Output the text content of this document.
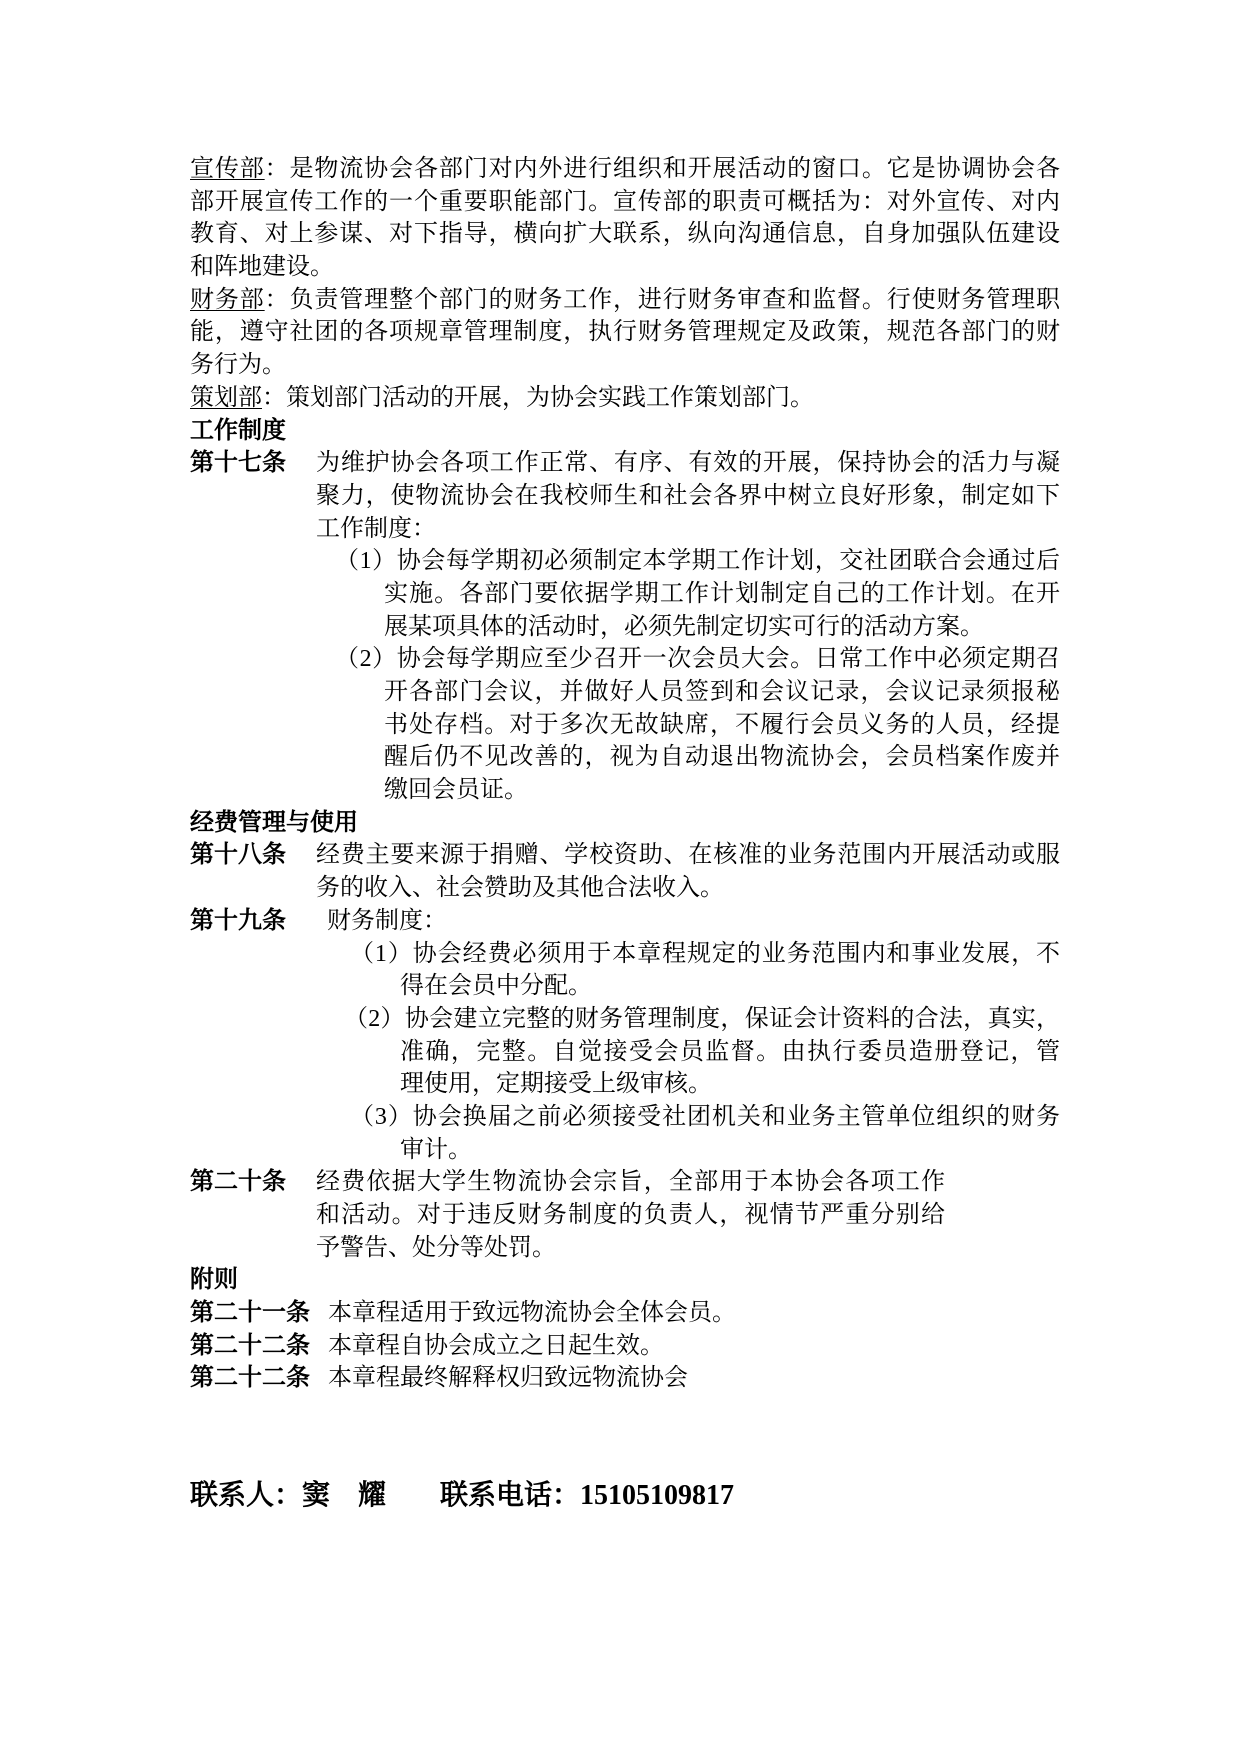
宣传部：是物流协会各部门对内外进行组织和开展活动的窗口。它是协调协会各
部开展宣传工作的一个重要职能部门。宣传部的职责可概括为：对外宣传、对内
教育、对上参谋、对下指导，横向扩大联系，纵向沟通信息，自身加强队伍建设
和阵地建设。
财务部：负责管理整个部门的财务工作，进行财务审查和监督。行使财务管理职
能，遵守社团的各项规章管理制度，执行财务管理规定及政策，规范各部门的财
务行为。
策划部：策划部门活动的开展，为协会实践工作策划部门。
工作制度
第十七条	为维护协会各项工作正常、有序、有效的开展，保持协会的活力与凝
聚力，使物流协会在我校师生和社会各界中树立良好形象，制定如下
工作制度：
（1）协会每学期初必须制定本学期工作计划，交社团联合会通过后
实施。各部门要依据学期工作计划制定自己的工作计划。在开
展某项具体的活动时，必须先制定切实可行的活动方案。
（2）协会每学期应至少召开一次会员大会。日常工作中必须定期召
开各部门会议，并做好人员签到和会议记录，会议记录须报秘
书处存档。对于多次无故缺席，不履行会员义务的人员，经提
醒后仍不见改善的，视为自动退出物流协会，会员档案作废并
缴回会员证。
经费管理与使用
第十八条	经费主要来源于捐赠、学校资助、在核准的业务范围内开展活动或服
务的收入、社会赞助及其他合法收入。
第十九条	财务制度：
（1）协会经费必须用于本章程规定的业务范围内和事业发展，不
得在会员中分配。
（2）协会建立完整的财务管理制度，保证会计资料的合法，真实，
准确，完整。自觉接受会员监督。由执行委员造册登记，管
理使用，定期接受上级审核。
（3）协会换届之前必须接受社团机关和业务主管单位组织的财务
审计。
第二十条	经费依据大学生物流协会宗旨，全部用于本协会各项工作
和活动。对于违反财务制度的负责人，视情节严重分别给
予警告、处分等处罚。
附则
第二十一条 本章程适用于致远物流协会全体会员。
第二十二条 本章程自协会成立之日起生效。
第二十二条 本章程最终解释权归致远物流协会
联系人：窦　耀 联系电话：15105109817
